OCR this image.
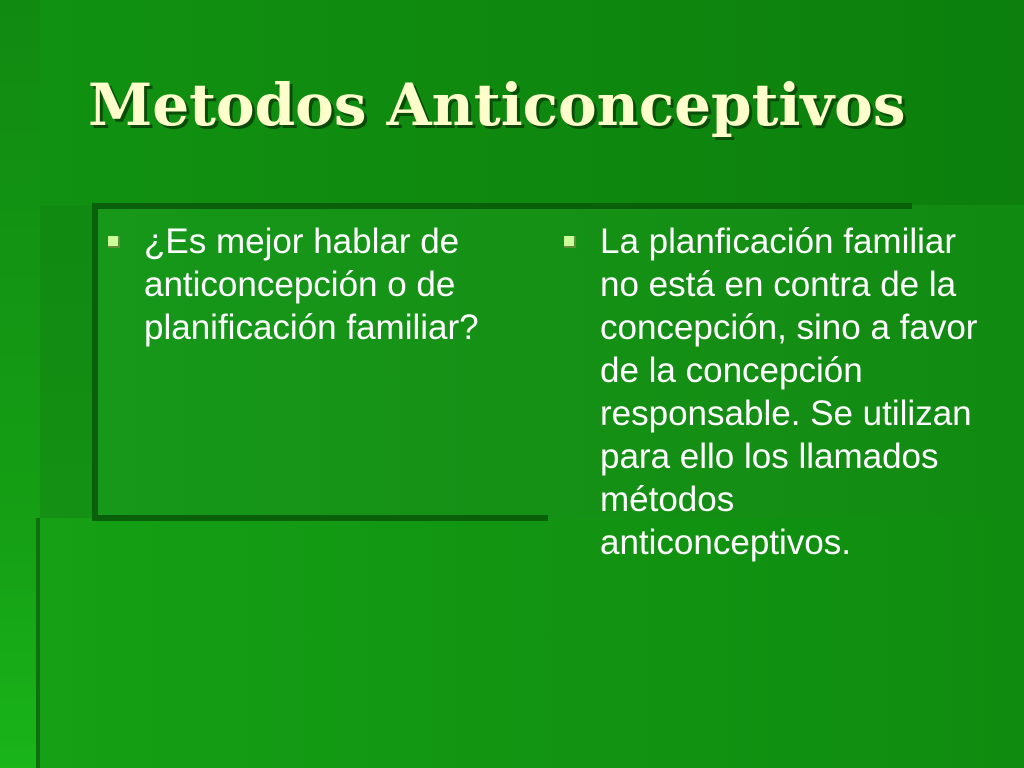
Metodos Anticonceptivos
¿Es mejor hablar de anticoncepción o de planificación familiar?
La planficación familiar no está en contra de la concepción, sino a favor de la concepción responsable. Se utilizan para ello los llamados métodos anticonceptivos.
